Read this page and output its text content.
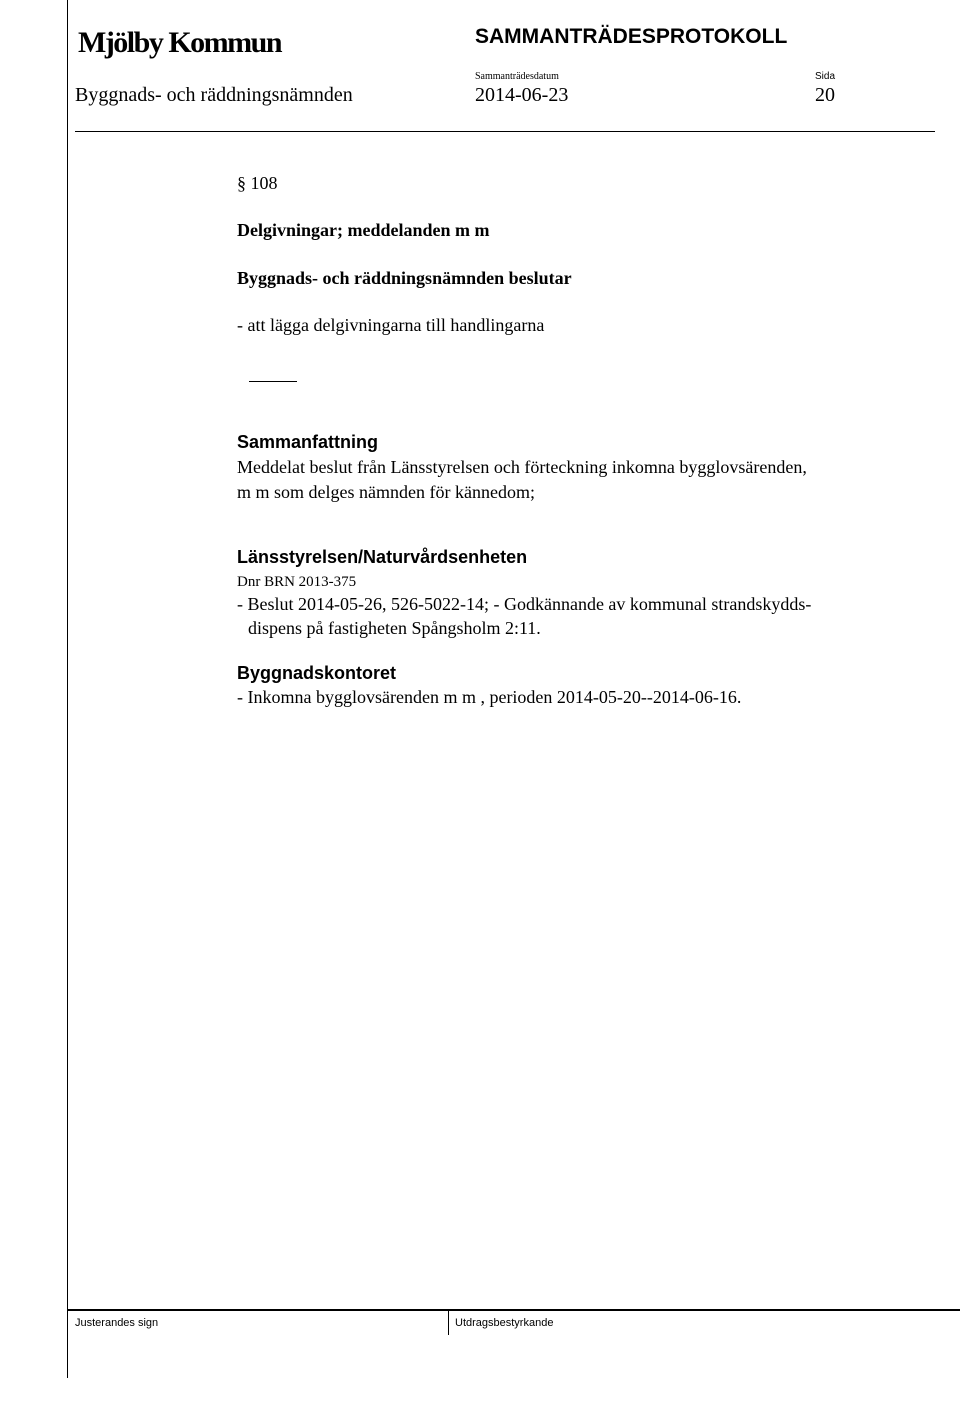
Mjölby Kommun	SAMMANTRÄDESPROTOKOLL
Byggnads- och räddningsnämnden
Sammanträdesdatum
2014-06-23
Sida
20
§ 108
Delgivningar; meddelanden m m
Byggnads- och räddningsnämnden beslutar
- att lägga delgivningarna till handlingarna
Sammanfattning
Meddelat beslut från Länsstyrelsen och förteckning inkomna bygglovsärenden,
m m som delges nämnden för kännedom;
Länsstyrelsen/Naturvårdsenheten
Dnr BRN 2013-375
- Beslut 2014-05-26, 526-5022-14; - Godkännande av kommunal strandskydds-
dispens på fastigheten Spångsholm 2:11.
Byggnadskontoret
- Inkomna bygglovsärenden m m , perioden 2014-05-20--2014-06-16.
Justerandes sign	Utdragsbestyrkande
